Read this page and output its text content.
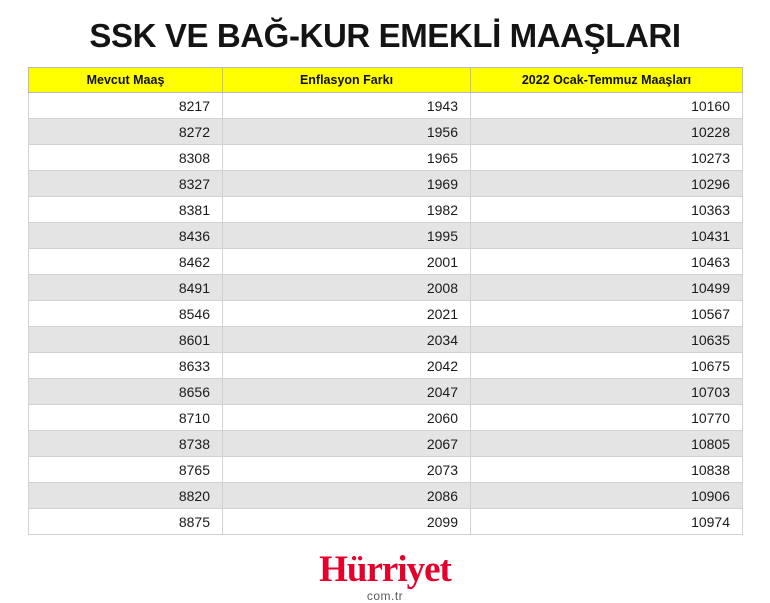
SSK VE BAĞ-KUR EMEKLİ MAAŞLARI
Mevcut Maaş	Enflasyon Farkı	2022 Ocak-Temmuz Maaşları
8217	1943	10160
8272	1956	10228
8308	1965	10273
8327	1969	10296
8381	1982	10363
8436	1995	10431
8462	2001	10463
8491	2008	10499
8546	2021	10567
8601	2034	10635
8633	2042	10675
8656	2047	10703
8710	2060	10770
8738	2067	10805
8765	2073	10838
8820	2086	10906
8875	2099	10974
Hürriyet
com.tr
